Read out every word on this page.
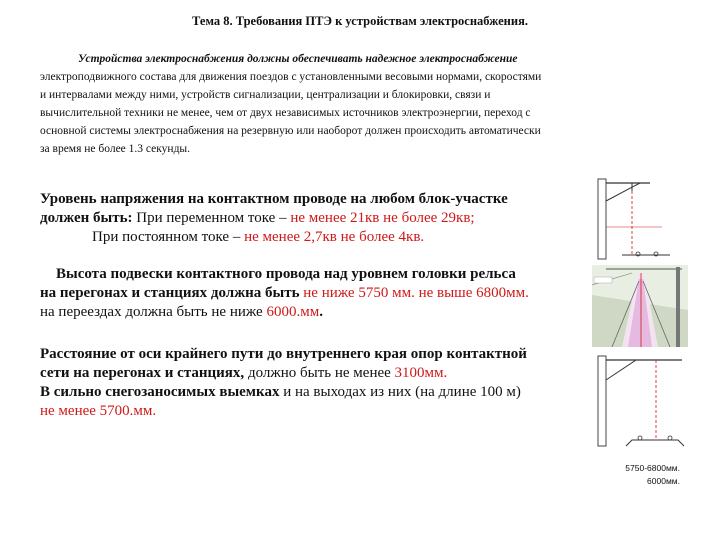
Тема 8. Требования ПТЭ к устройствам электроснабжения.
Устройства электроснабжения должны обеспечивать надежное электроснабжение
электроподвижного состава для движения поездов с установленными весовыми нормами, скоростями
и интервалами между ними, устройств сигнализации, централизации и блокировки, связи и
вычислительной техники не менее, чем от двух независимых источников электроэнергии, переход с
основной системы электроснабжения на резервную или наоборот должен происходить автоматически
за время не более 1.3 секунды.
Уровень напряжения на контактном проводе на любом блок-участке
должен быть: При переменном токе – не менее 21кв не более 29кв;
При постоянном токе – не менее 2,7кв не более 4кв.
Высота подвески контактного провода над уровнем головки рельса
на перегонах и станциях должна быть не ниже 5750 мм. не выше 6800мм.
на переездах должна быть не ниже 6000.мм.
Расстояние от оси крайнего пути до внутреннего края опор контактной
сети на перегонах и станциях, должно быть не менее 3100мм.
В сильно снегозаносимых выемках и на выходах из них (на длине 100 м)
не менее 5700.мм.
5750-6800мм.
6000мм.
